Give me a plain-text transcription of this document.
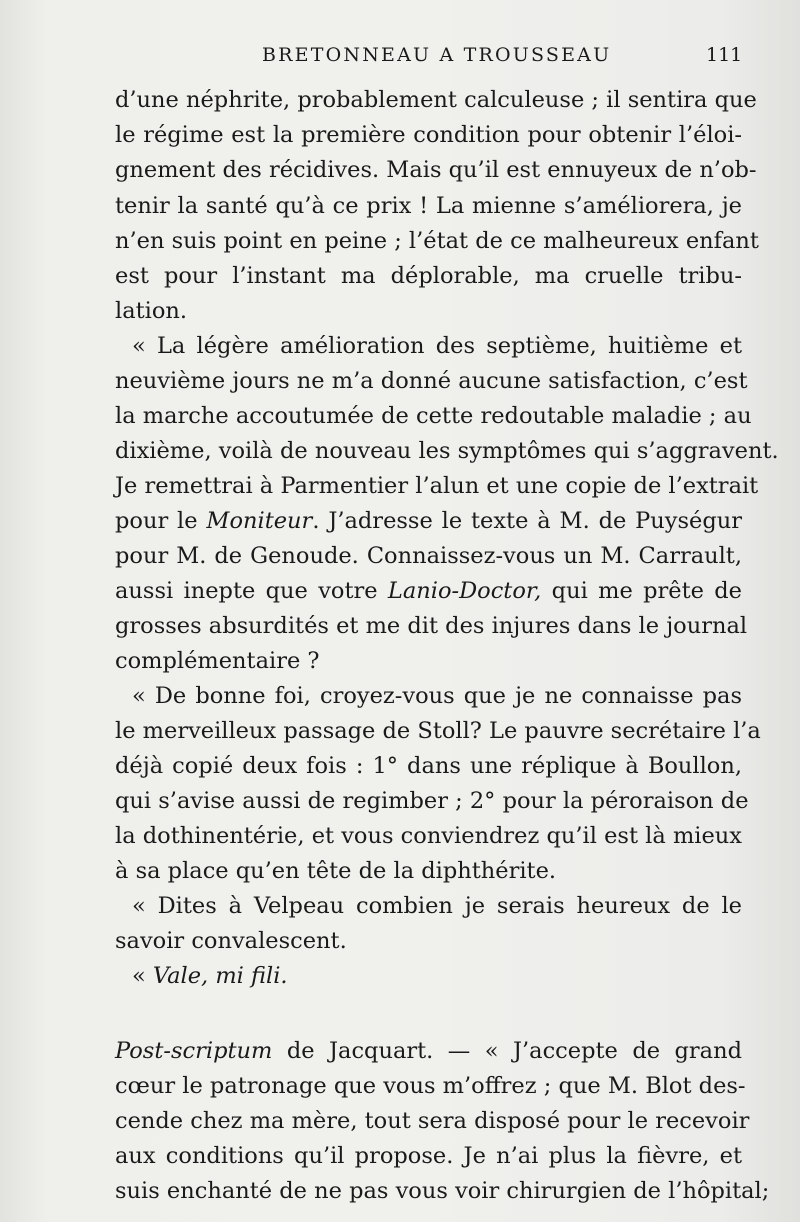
BRETONNEAU A TROUSSEAU	111
d’une néphrite, probablement calculeuse ; il sentira que
le régime est la première condition pour obtenir l’éloi-
gnement des récidives. Mais qu’il est ennuyeux de n’ob-
tenir la santé qu’à ce prix ! La mienne s’améliorera, je
n’en suis point en peine ; l’état de ce malheureux enfant
est pour l’instant ma déplorable, ma cruelle tribu-
lation.
« La légère amélioration des septième, huitième et
neuvième jours ne m’a donné aucune satisfaction, c’est
la marche accoutumée de cette redoutable maladie ; au
dixième, voilà de nouveau les symptômes qui s’aggravent.
Je remettrai à Parmentier l’alun et une copie de l’extrait
pour le Moniteur. J’adresse le texte à M. de Puységur
pour M. de Genoude. Connaissez-vous un M. Carrault,
aussi inepte que votre Lanio-Doctor, qui me prête de
grosses absurdités et me dit des injures dans le journal
complémentaire ?
« De bonne foi, croyez-vous que je ne connaisse pas
le merveilleux passage de Stoll? Le pauvre secrétaire l’a
déjà copié deux fois : 1° dans une réplique à Boullon,
qui s’avise aussi de regimber ; 2° pour la péroraison de
la dothinentérie, et vous conviendrez qu’il est là mieux
à sa place qu’en tête de la diphthérite.
« Dites à Velpeau combien je serais heureux de le
savoir convalescent.
« Vale, mi fili.
Post-scriptum de Jacquart. — « J’accepte de grand
cœur le patronage que vous m’offrez ; que M. Blot des-
cende chez ma mère, tout sera disposé pour le recevoir
aux conditions qu’il propose. Je n’ai plus la fièvre, et
suis enchanté de ne pas vous voir chirurgien de l’hôpital;
